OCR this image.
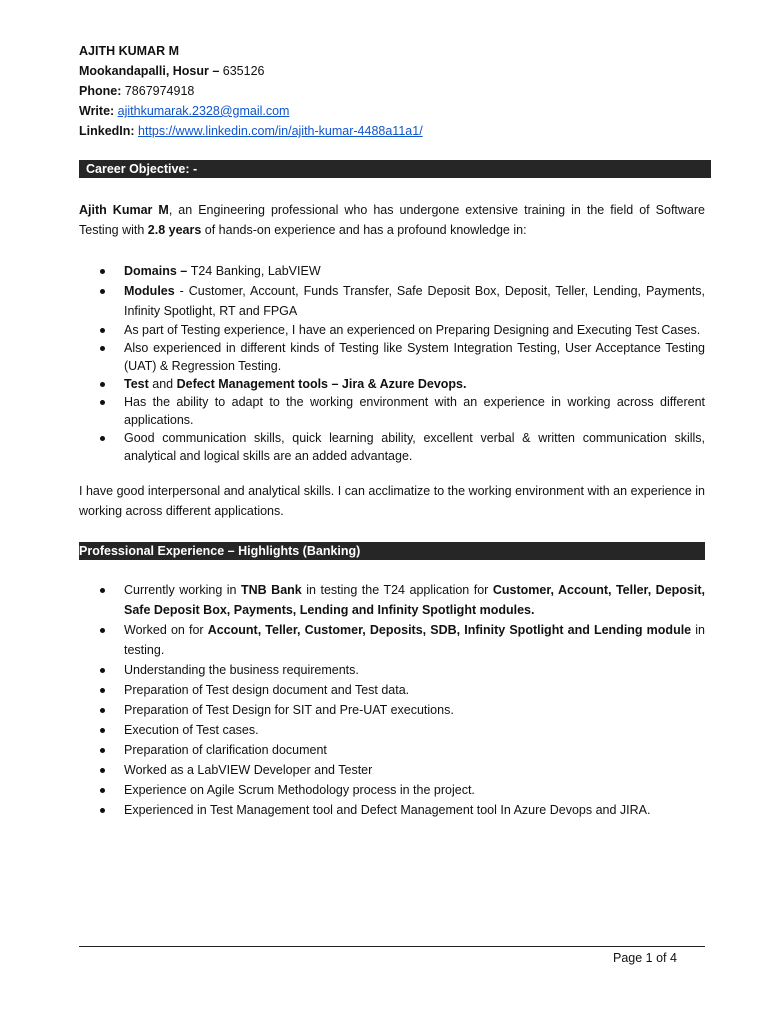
AJITH KUMAR M
Mookandapalli, Hosur – 635126
Phone: 7867974918
Write: ajithkumarak.2328@gmail.com
LinkedIn: https://www.linkedin.com/in/ajith-kumar-4488a11a1/
Career Objective: -
Ajith Kumar M, an Engineering professional who has undergone extensive training in the field of Software Testing with 2.8 years of hands-on experience and has a profound knowledge in:
Domains – T24 Banking, LabVIEW
Modules - Customer, Account, Funds Transfer, Safe Deposit Box, Deposit, Teller, Lending, Payments, Infinity Spotlight, RT and FPGA
As part of Testing experience, I have an experienced on Preparing Designing and Executing Test Cases.
Also experienced in different kinds of Testing like System Integration Testing, User Acceptance Testing (UAT) & Regression Testing.
Test and Defect Management tools – Jira & Azure Devops.
Has the ability to adapt to the working environment with an experience in working across different applications.
Good communication skills, quick learning ability, excellent verbal & written communication skills, analytical and logical skills are an added advantage.
I have good interpersonal and analytical skills. I can acclimatize to the working environment with an experience in working across different applications.
Professional Experience – Highlights (Banking)
Currently working in TNB Bank in testing the T24 application for Customer, Account, Teller, Deposit, Safe Deposit Box, Payments, Lending and Infinity Spotlight modules.
Worked on for Account, Teller, Customer, Deposits, SDB, Infinity Spotlight and Lending module in testing.
Understanding the business requirements.
Preparation of Test design document and Test data.
Preparation of Test Design for SIT and Pre-UAT executions.
Execution of Test cases.
Preparation of clarification document
Worked as a LabVIEW Developer and Tester
Experience on Agile Scrum Methodology process in the project.
Experienced in Test Management tool and Defect Management tool In Azure Devops and JIRA.
Page 1 of 4
